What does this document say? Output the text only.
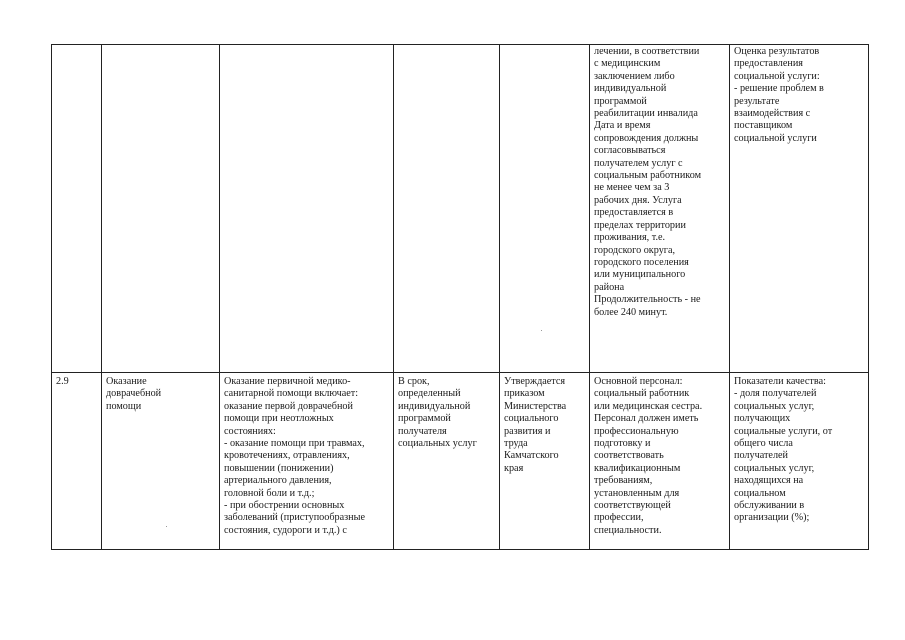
лечении, в соответствии
с медицинским
заключением либо
индивидуальной
программой
реабилитации инвалида
Дата и время
сопровождения должны
согласовываться
получателем услуг с
социальным работником
не менее чем за 3
рабочих дня. Услуга
предоставляется в
пределах территории
проживания, т.е.
городского округа,
городского поселения
или муниципального
района
Продолжительность - не
более 240 минут.
Оценка результатов
предоставления
социальной услуги:
- решение проблем в
результате
взаимодействия с
поставщиком
социальной услуги
2.9	Оказание
доврачебной
помощи
Оказание первичной медико-
санитарной помощи включает:
оказание первой доврачебной
помощи при неотложных
состояниях:
- оказание помощи при травмах,
кровотечениях, отравлениях,
повышении (понижении)
артериального давления,
головной боли и т.д.;
- при обострении основных
заболеваний (приступообразные
состояния, судороги и т.д.) с
В срок,
определенный
индивидуальной
программой
получателя
социальных услуг
Утверждается
приказом
Министерства
социального
развития и
труда
Камчатского
края
Основной персонал:
социальный работник
или медицинская сестра.
Персонал должен иметь
профессиональную
подготовку и
соответствовать
квалификационным
требованиям,
установленным для
соответствующей
профессии,
специальности.
Показатели качества:
- доля получателей
социальных услуг,
получающих
социальные услуги, от
общего числа
получателей
социальных услуг,
находящихся на
социальном
обслуживании в
организации (%);
